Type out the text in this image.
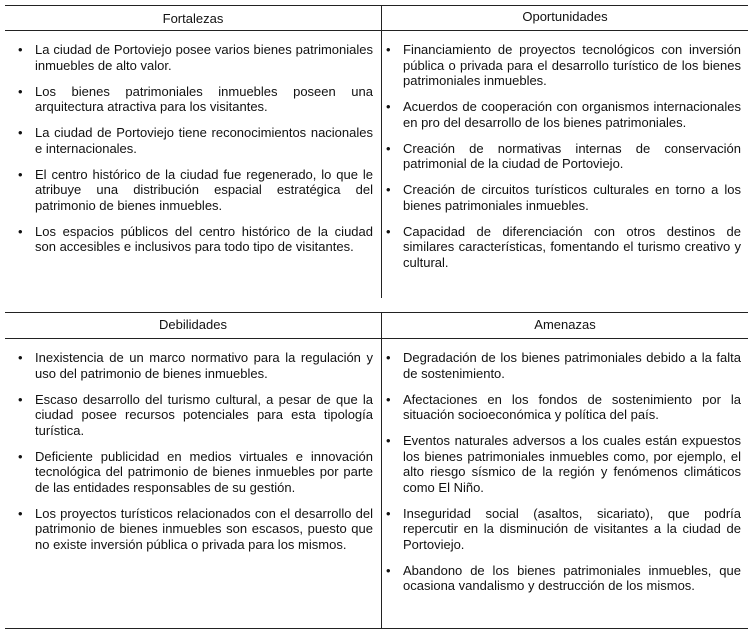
Fortalezas	Oportunidades
Debilidades	Amenazas
• La ciudad de Portoviejo posee varios bienes patrimoniales inmuebles de alto valor.
• Los bienes patrimoniales inmuebles poseen una arquitectura atractiva para los visitantes.
• La ciudad de Portoviejo tiene reconocimientos nacionales e internacionales.
• El centro histórico de la ciudad fue regenerado, lo que le atribuye una distribución espacial estratégica del patrimonio de bienes inmuebles.
• Los espacios públicos del centro histórico de la ciudad son accesibles e inclusivos para todo tipo de visitantes.
• Financiamiento de proyectos tecnológicos con inversión pública o privada para el desarrollo turístico de los bienes patrimoniales inmuebles.
• Acuerdos de cooperación con organismos internacionales en pro del desarrollo de los bienes patrimoniales.
• Creación de normativas internas de conservación patrimonial de la ciudad de Portoviejo.
• Creación de circuitos turísticos culturales en torno a los bienes patrimoniales inmuebles.
• Capacidad de diferenciación con otros destinos de similares características, fomentando el turismo creativo y cultural.
• Inexistencia de un marco normativo para la regulación y uso del patrimonio de bienes inmuebles.
• Escaso desarrollo del turismo cultural, a pesar de que la ciudad posee recursos potenciales para esta tipología turística.
• Deficiente publicidad en medios virtuales e innovación tecnológica del patrimonio de bienes inmuebles por parte de las entidades responsables de su gestión.
• Los proyectos turísticos relacionados con el desarrollo del patrimonio de bienes inmuebles son escasos, puesto que no existe inversión pública o privada para los mismos.
• Degradación de los bienes patrimoniales debido a la falta de sostenimiento.
• Afectaciones en los fondos de sostenimiento por la situación socioeconómica y política del país.
• Eventos naturales adversos a los cuales están expuestos los bienes patrimoniales inmuebles como, por ejemplo, el alto riesgo sísmico de la región y fenómenos climáticos como El Niño.
• Inseguridad social (asaltos, sicariato), que podría repercutir en la disminución de visitantes a la ciudad de Portoviejo.
• Abandono de los bienes patrimoniales inmuebles, que ocasiona vandalismo y destrucción de los mismos.
